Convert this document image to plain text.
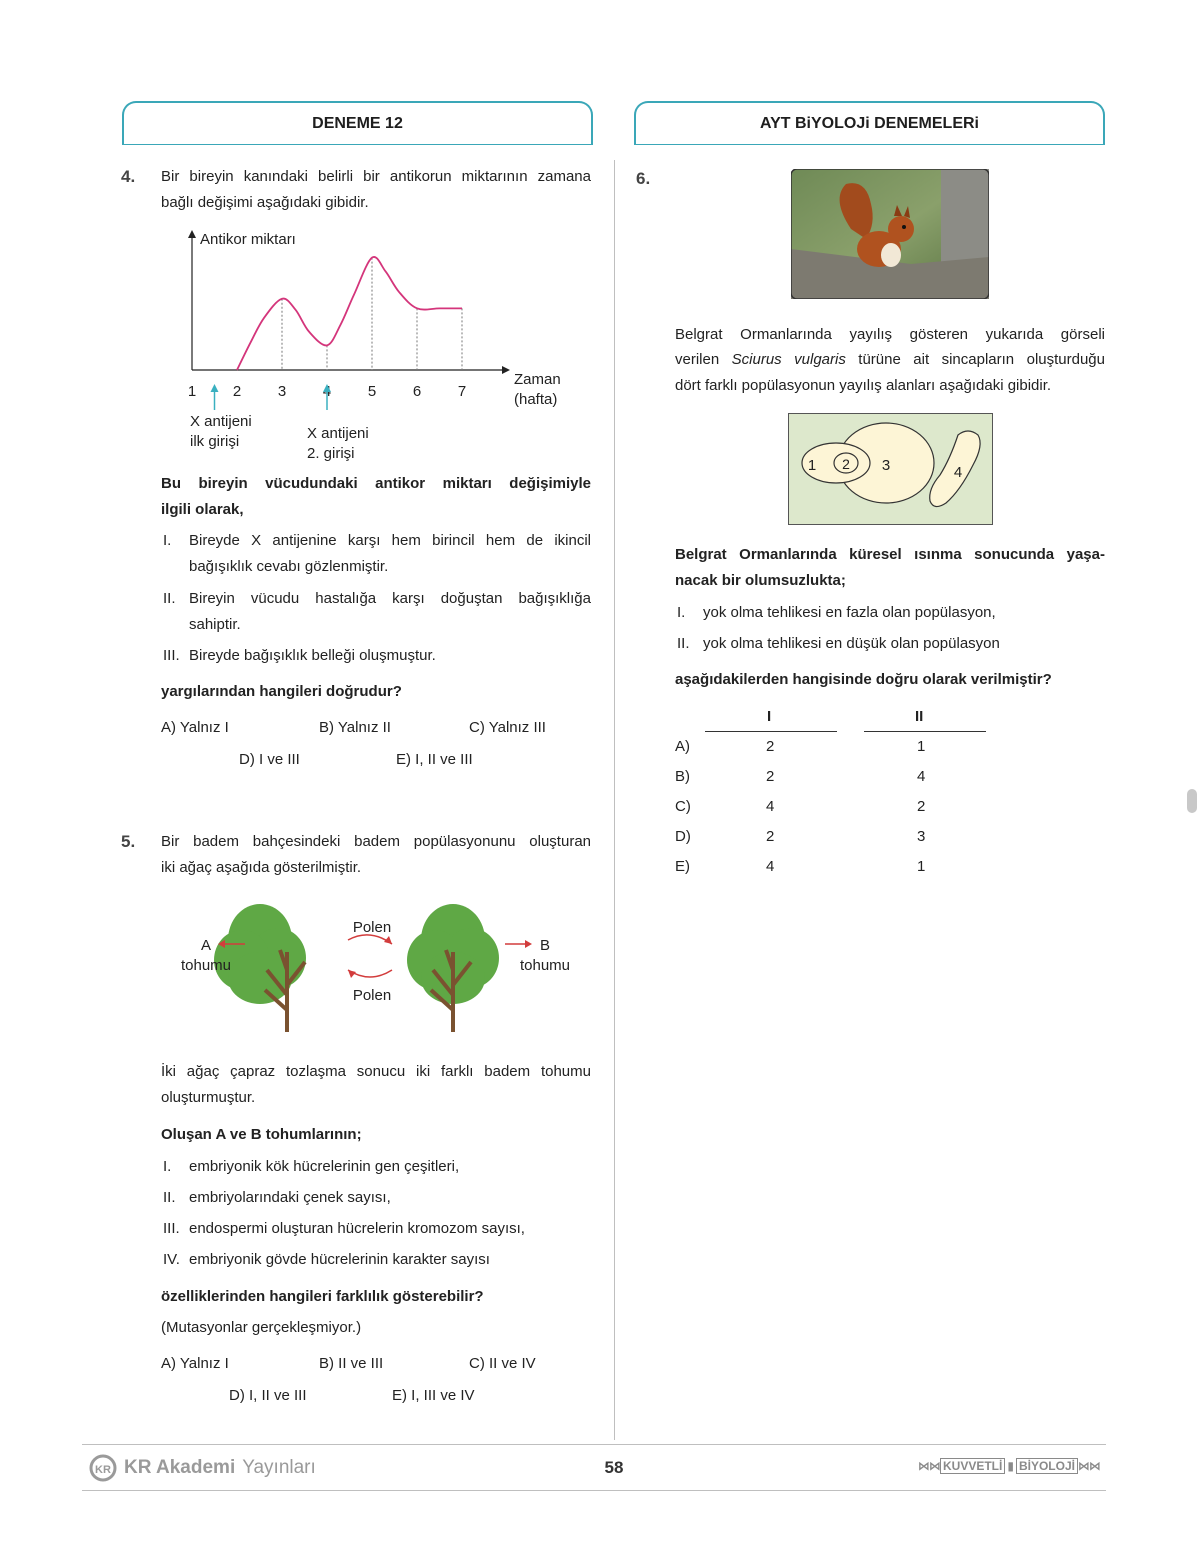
DENEME 12	AYT BiYOLOJi DENEMELERi
4. Bir bireyin kanındaki belirli bir antikorun miktarının zamana
bağlı değişimi aşağıdaki gibidir.
Antikor miktarı
Zaman
(hafta)
1 2 3	5 6 7
X antijeni
ilk girişi	X antijeni
2. girişi
Bu bireyin vücudundaki antikor miktarı değişimiyle
ilgili olarak,
I. Bireyde X antijenine karşı hem birincil hem de ikincil
bağışıklık cevabı gözlenmiştir.
II. Bireyin vücudu hastalığa karşı doğuştan bağışıklığa
sahiptir.
III. Bireyde bağışıklık belleği oluşmuştur.
yargılarından hangileri doğrudur?
A) Yalnız I	B) Yalnız II	C) Yalnız III
D) I ve III	E) I, II ve III
5. Bir badem bahçesindeki badem popülasyonunu oluşturan
iki ağaç aşağıda gösterilmiştir.
Polen
Polen
A
tohumu
B
tohumu
İki ağaç çapraz tozlaşma sonucu iki farklı badem tohumu
oluşturmuştur.
Oluşan A ve B tohumlarının;
I. embriyonik kök hücrelerinin gen çeşitleri,
II. embriyolarındaki çenek sayısı,
III. endospermi oluşturan hücrelerin kromozom sayısı,
IV. embriyonik gövde hücrelerinin karakter sayısı
özelliklerinden hangileri farklılık gösterebilir?
(Mutasyonlar gerçekleşmiyor.)
A) Yalnız I	B) II ve III	C) II ve IV
D) I, II ve III	E) I, III ve IV
6.
Belgrat Ormanlarında yayılış gösteren yukarıda görseli
verilen Sciurus vulgaris türüne ait sincapların oluşturduğu
dört farklı popülasyonun yayılış alanları aşağıdaki gibidir.
1 2 3	4
Belgrat Ormanlarında küresel ısınma sonucunda yaşa-
nacak bir olumsuzlukta;
I. yok olma tehlikesi en fazla olan popülasyon,
II. yok olma tehlikesi en düşük olan popülasyon
aşağıdakilerden hangisinde doğru olarak verilmiştir?
I	II
A)	2	1
B)	2	4
C)	4	2
D)	2	3
E)	4	1
KR KR Akademi Yayınları	58	⋈⋈ KUVVETLİ ▮ BİYOLOJİ ⋈⋈
